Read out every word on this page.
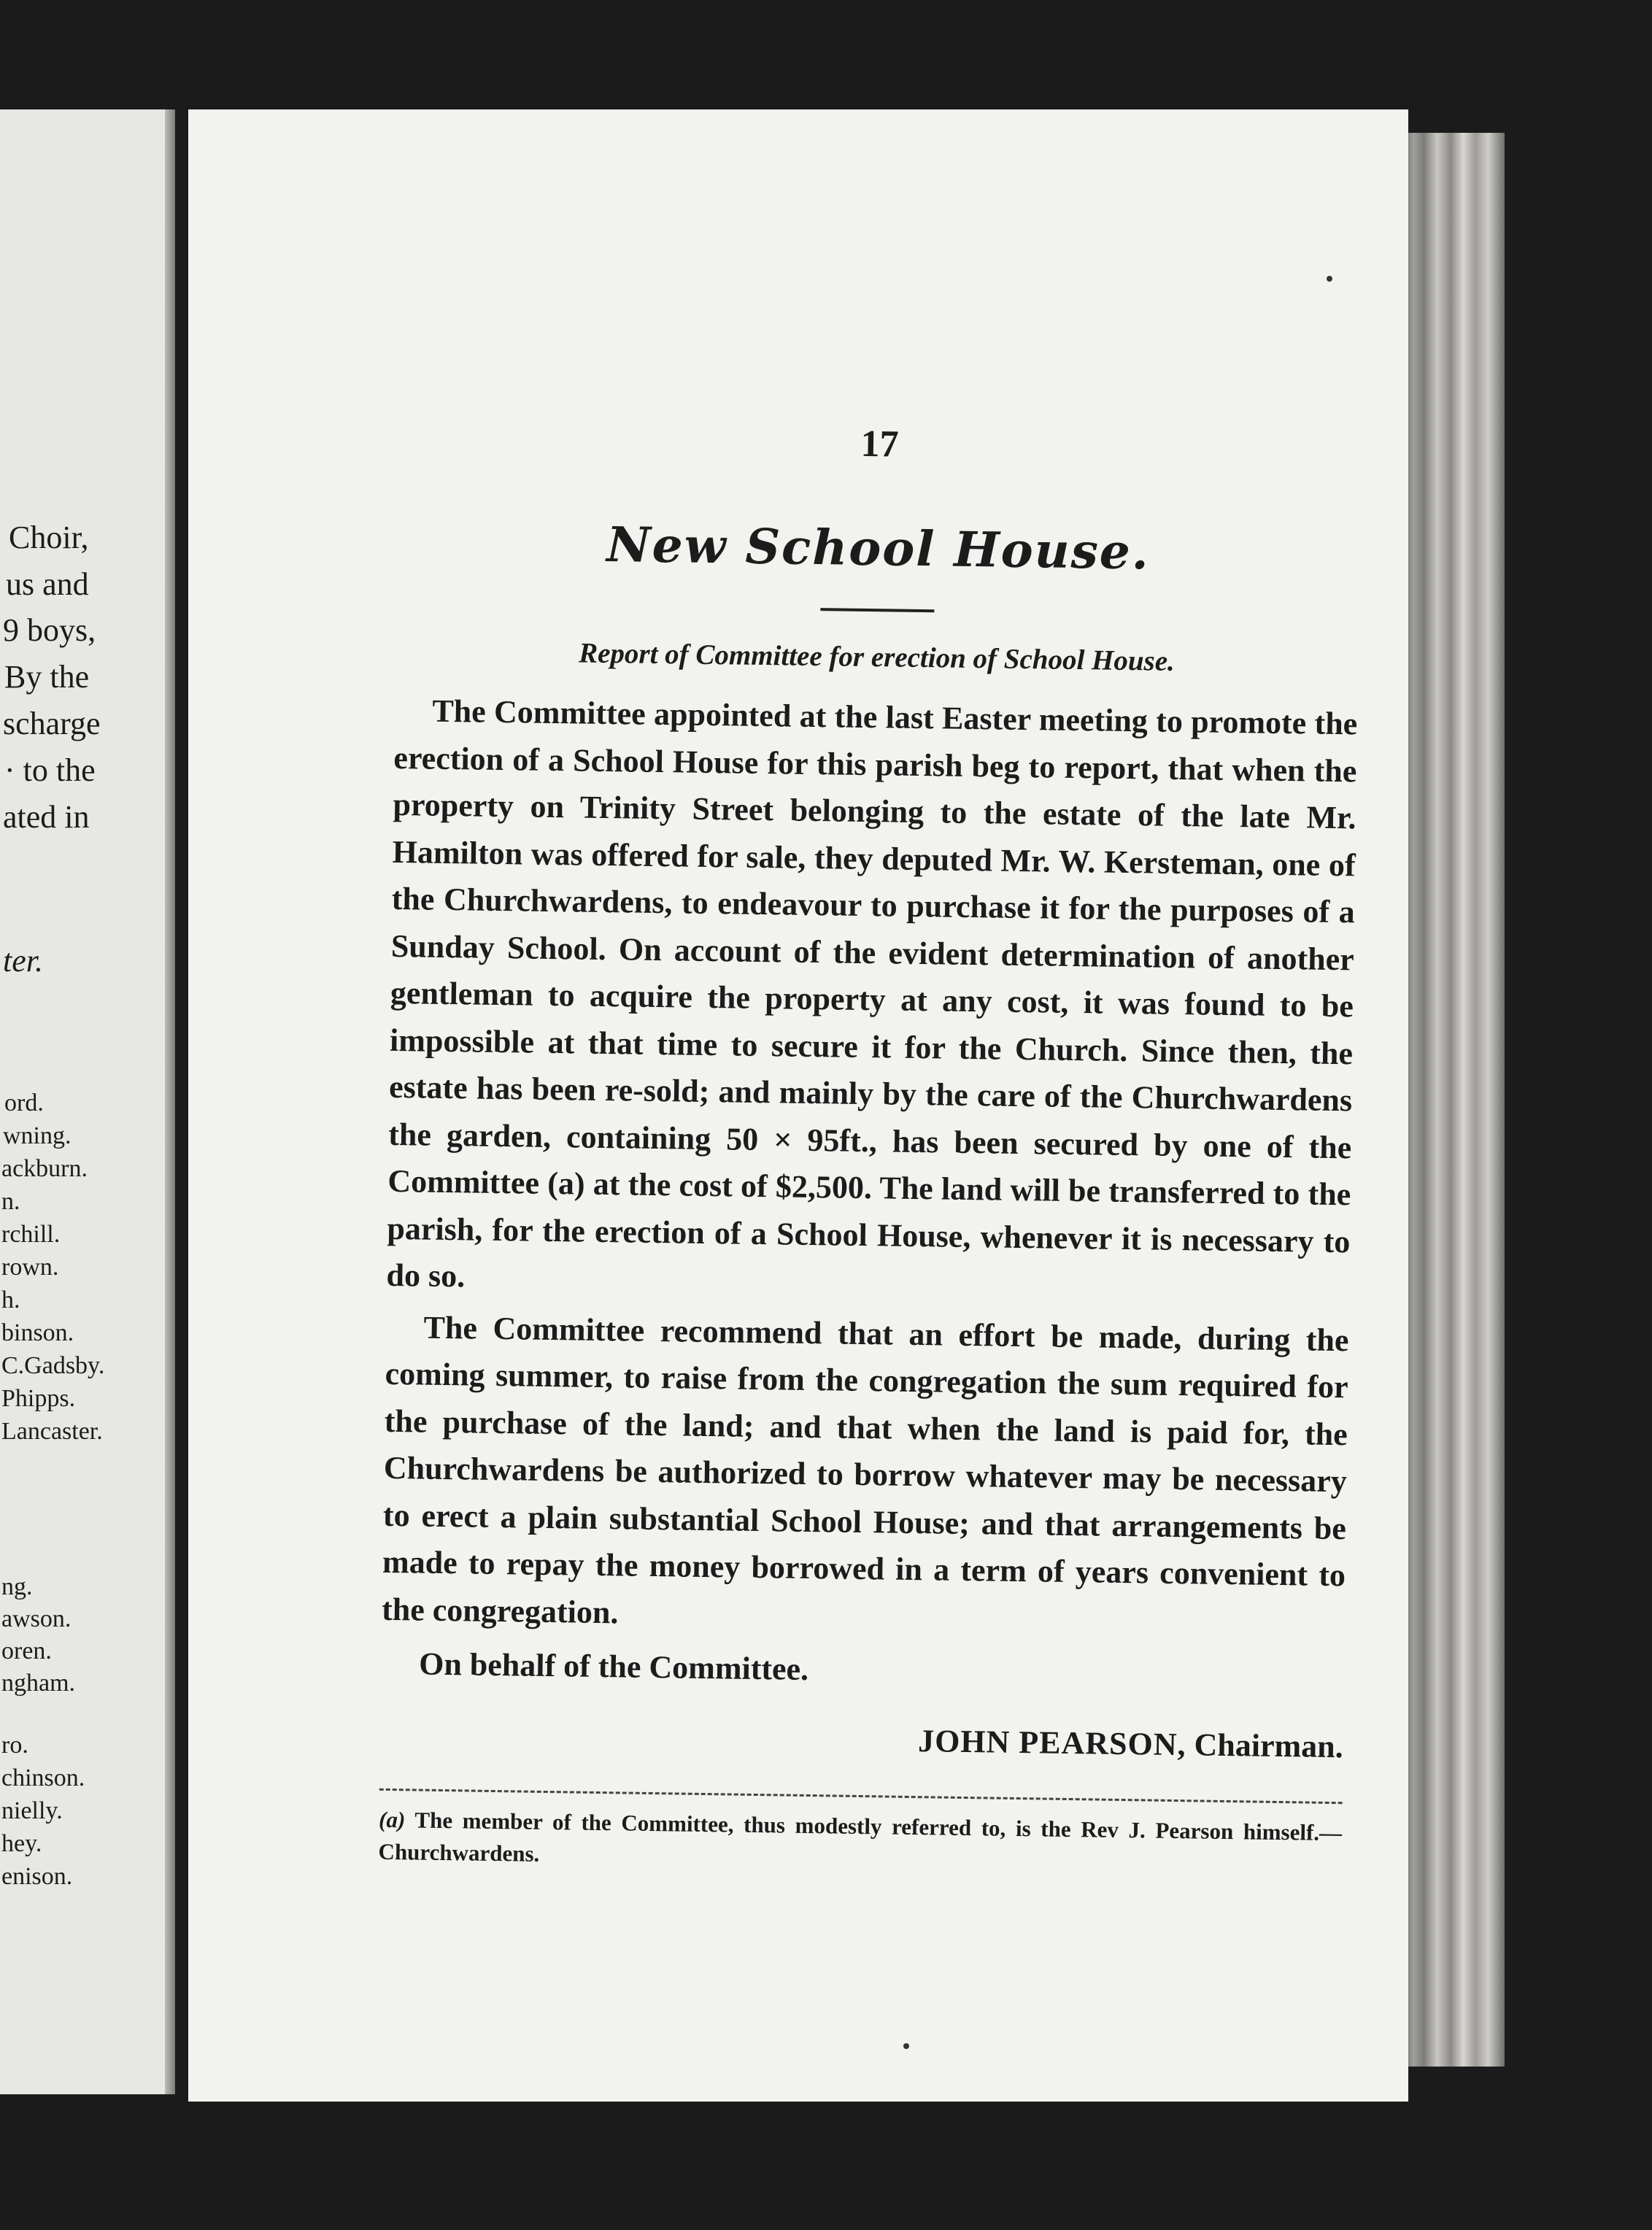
Choir,
us and
9 boys,
By the
scharge
· to the
ated in
ter.
ord.
wning.
ackburn.
n.
rchill.
rown.
h.
binson.
C.Gadsby.
Phipps.
Lancaster.
ng.
awson.
oren.
ngham.
ro.
chinson.
nielly.
hey.
enison.
17
New School House.
Report of Committee for erection of School House.

The Committee appointed at the last Easter meeting to promote the erection of a School House for this parish beg to report, that when the property on Trinity Street belonging to the estate of the late Mr. Hamilton was offered for sale, they deputed Mr. W. Kersteman, one of the Churchwardens, to endeavour to purchase it for the purposes of a Sunday School. On account of the evident determination of another gentleman to acquire the property at any cost, it was found to be impossible at that time to secure it for the Church. Since then, the estate has been re-sold; and mainly by the care of the Churchwardens the garden, containing 50 × 95ft., has been secured by one of the Committee (a) at the cost of $2,500. The land will be transferred to the parish, for the erection of a School House, whenever it is necessary to do so.

The Committee recommend that an effort be made, during the coming summer, to raise from the congregation the sum required for the purchase of the land; and that when the land is paid for, the Churchwardens be authorized to borrow whatever may be necessary to erect a plain substantial School House; and that arrangements be made to repay the money borrowed in a term of years convenient to the congregation.

On behalf of the Committee.

JOHN PEARSON, Chairman.

(a) The member of the Committee, thus modestly referred to, is the Rev J. Pearson himself.—Churchwardens.
